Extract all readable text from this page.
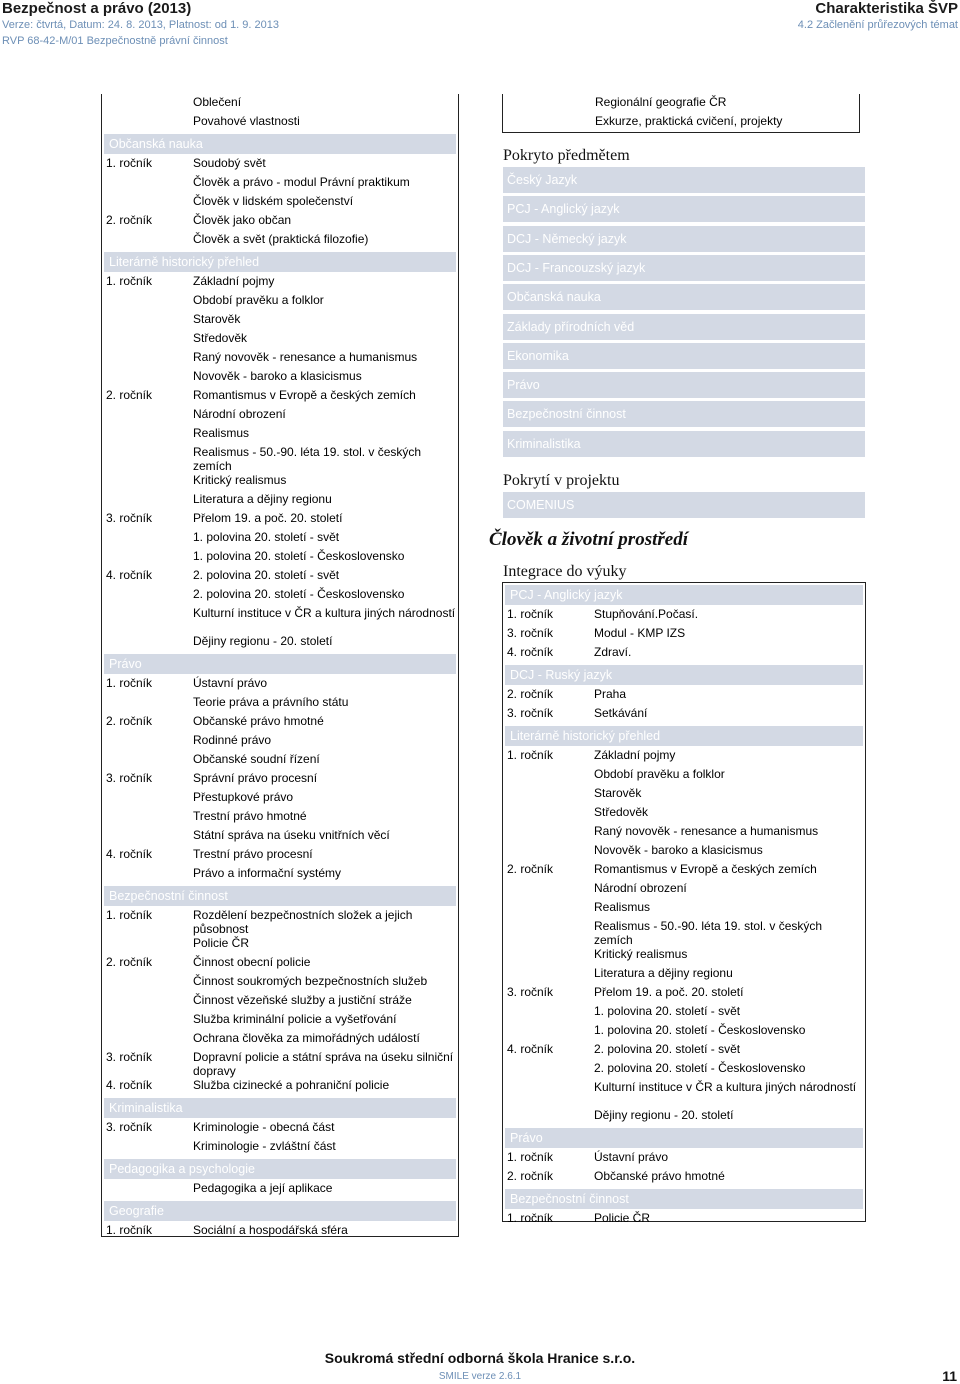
Bezpečnost a právo (2013)
Verze: čtvrtá, Datum: 24. 8. 2013, Platnost: od 1. 9. 2013
RVP 68-42-M/01 Bezpečnostně právní činnost
Charakteristika ŠVP
4.2 Začlenění průřezových témat
Oblečení
Povahové vlastnosti
Občanská nauka
1. ročník	Soudobý svět
Člověk a právo - modul Právní praktikum
Člověk v lidském společenství
2. ročník	Člověk jako občan
Člověk a svět (praktická filozofie)
Literárně historický přehled
1. ročník	Základní pojmy
Období pravěku a folklor
Starověk
Středověk
Raný novověk - renesance a humanismus
Novověk - baroko a klasicismus
2. ročník	Romantismus v Evropě a českých zemích
Národní obrození
Realismus
Realismus - 50.-90. léta 19. stol. v českých zemích
Kritický realismus
Literatura a dějiny regionu
3. ročník	Přelom 19. a poč. 20. století
1. polovina 20. století - svět
1. polovina 20. století - Československo
4. ročník	2. polovina 20. století - svět
2. polovina 20. století - Československo
Kulturní instituce v ČR a kultura jiných národností
Dějiny regionu - 20. století
Právo
1. ročník	Ústavní právo
Teorie práva a právního státu
2. ročník	Občanské právo hmotné
Rodinné právo
Občanské soudní řízení
3. ročník	Správní právo procesní
Přestupkové právo
Trestní právo hmotné
Státní správa na úseku vnitřních věcí
4. ročník	Trestní právo procesní
Právo a informační systémy
Bezpečnostní činnost
1. ročník	Rozdělení bezpečnostních složek a jejich působnost
Policie ČR
2. ročník	Činnost obecní policie
Činnost soukromých bezpečnostních služeb
Činnost vězeňské služby a justiční stráže
Služba kriminální policie a vyšetřování
Ochrana člověka za mimořádných událostí
3. ročník	Dopravní policie a státní správa na úseku silniční dopravy
4. ročník	Služba cizinecké a pohraniční policie
Kriminalistika
3. ročník	Kriminologie - obecná část
Kriminologie - zvláštní část
Pedagogika a psychologie
Pedagogika a její aplikace
Geografie
1. ročník	Sociální a hospodářská sféra
Regionální geografie ČR
Exkurze, praktická cvičení, projekty
Pokryto předmětem
Český Jazyk
PCJ - Anglický jazyk
DCJ - Německý jazyk
DCJ - Francouzský jazyk
Občanská nauka
Základy přírodních věd
Ekonomika
Právo
Bezpečnostní činnost
Kriminalistika
Pokrytí v projektu
COMENIUS
Člověk a životní prostředí
Integrace do výuky
PCJ - Anglický jazyk
1. ročník	Stupňování.Počasí.
3. ročník	Modul - KMP IZS
4. ročník	Zdraví.
DCJ - Ruský jazyk
2. ročník	Praha
3. ročník	Setkávání
Literárně historický přehled
1. ročník	Základní pojmy
Období pravěku a folklor
Starověk
Středověk
Raný novověk - renesance a humanismus
Novověk - baroko a klasicismus
2. ročník	Romantismus v Evropě a českých zemích
Národní obrození
Realismus
Realismus - 50.-90. léta 19. stol. v českých zemích
Kritický realismus
Literatura a dějiny regionu
3. ročník	Přelom 19. a poč. 20. století
1. polovina 20. století - svět
1. polovina 20. století - Československo
4. ročník	2. polovina 20. století - svět
2. polovina 20. století - Československo
Kulturní instituce v ČR a kultura jiných národností
Dějiny regionu - 20. století
Právo
1. ročník	Ústavní právo
2. ročník	Občanské právo hmotné
Bezpečnostní činnost
1. ročník	Policie ČR
Soukromá střední odborná škola Hranice s.r.o.
SMILE verze 2.6.1	11
